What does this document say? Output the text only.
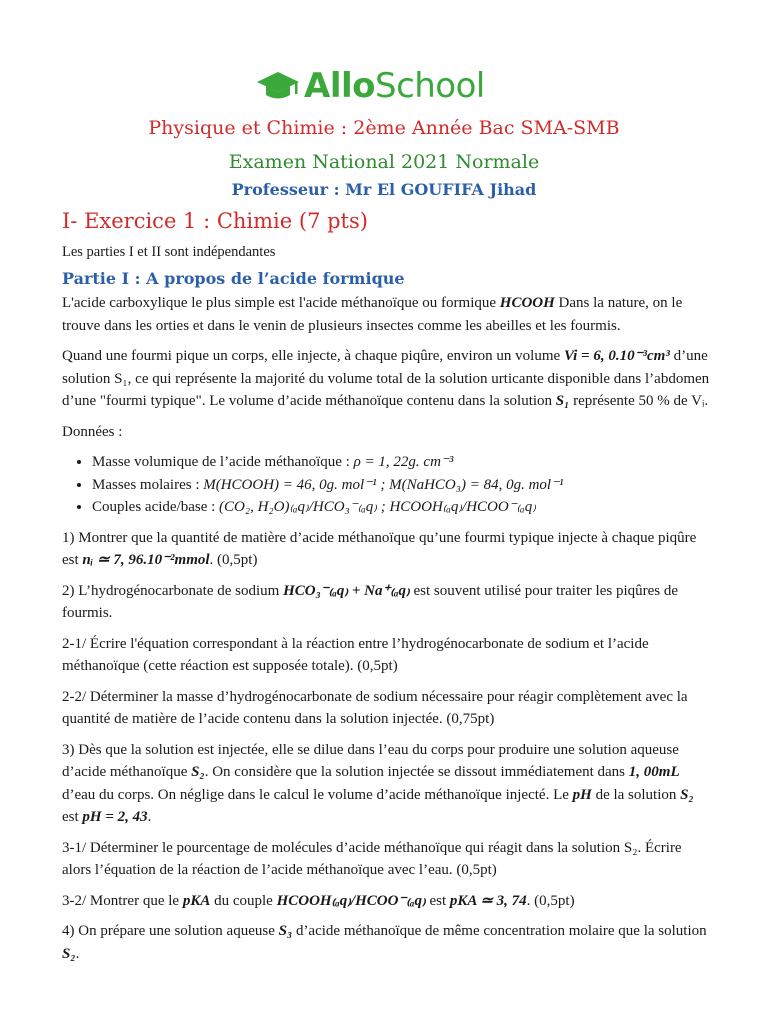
AlloSchool
Physique et Chimie : 2ème Année Bac SMA-SMB
Examen National 2021 Normale
Professeur : Mr El GOUFIFA Jihad
I- Exercice 1 : Chimie (7 pts)
Les parties I et II sont indépendantes
Partie I : A propos de l’acide formique

L'acide carboxylique le plus simple est l'acide méthanoïque ou formique HCOOH Dans la nature, on le trouve dans les orties et dans le venin de plusieurs insectes comme les abeilles et les fourmis.

Quand une fourmi pique un corps, elle injecte, à chaque piqûre, environ un volume Vi = 6, 0.10⁻³cm³ d’une solution S₁, ce qui représente la majorité du volume total de la solution urticante disponible dans l’abdomen d’une "fourmi typique". Le volume d’acide méthanoïque contenu dans la solution S₁ représente 50 % de Vᵢ.

Données :

• Masse volumique de l’acide méthanoïque : ρ = 1, 22g. cm⁻³
• Masses molaires : M(HCOOH) = 46, 0g. mol⁻¹ ; M(NaHCO₃) = 84, 0g. mol⁻¹
• Couples acide/base : (CO₂, H₂O)₍ₐq₎/HCO₃⁻₍ₐq₎ ; HCOOH₍ₐq₎/HCOO⁻₍ₐq₎

1) Montrer que la quantité de matière d’acide méthanoïque qu’une fourmi typique injecte à chaque piqûre est nᵢ ≃ 7, 96.10⁻²mmol. (0,5pt)

2) L’hydrogénocarbonate de sodium HCO₃⁻₍ₐq₎ + Na⁺₍ₐq₎ est souvent utilisé pour traiter les piqûres de fourmis.

2-1/ Écrire l'équation correspondant à la réaction entre l’hydrogénocarbonate de sodium et l’acide méthanoïque (cette réaction est supposée totale). (0,5pt)

2-2/ Déterminer la masse d’hydrogénocarbonate de sodium nécessaire pour réagir complètement avec la quantité de matière de l’acide contenu dans la solution injectée. (0,75pt)

3) Dès que la solution est injectée, elle se dilue dans l’eau du corps pour produire une solution aqueuse d’acide méthanoïque S₂. On considère que la solution injectée se dissout immédiatement dans 1, 00mL d’eau du corps. On néglige dans le calcul le volume d’acide méthanoïque injecté. Le pH de la solution S₂ est pH = 2, 43.

3-1/ Déterminer le pourcentage de molécules d’acide méthanoïque qui réagit dans la solution S₂. Écrire alors l’équation de la réaction de l’acide méthanoïque avec l’eau. (0,5pt)

3-2/ Montrer que le pKA du couple HCOOH₍ₐq₎/HCOO⁻₍ₐq₎ est pKA ≃ 3, 74. (0,5pt)

4) On prépare une solution aqueuse S₃ d’acide méthanoïque de même concentration molaire que la solution S₂.
